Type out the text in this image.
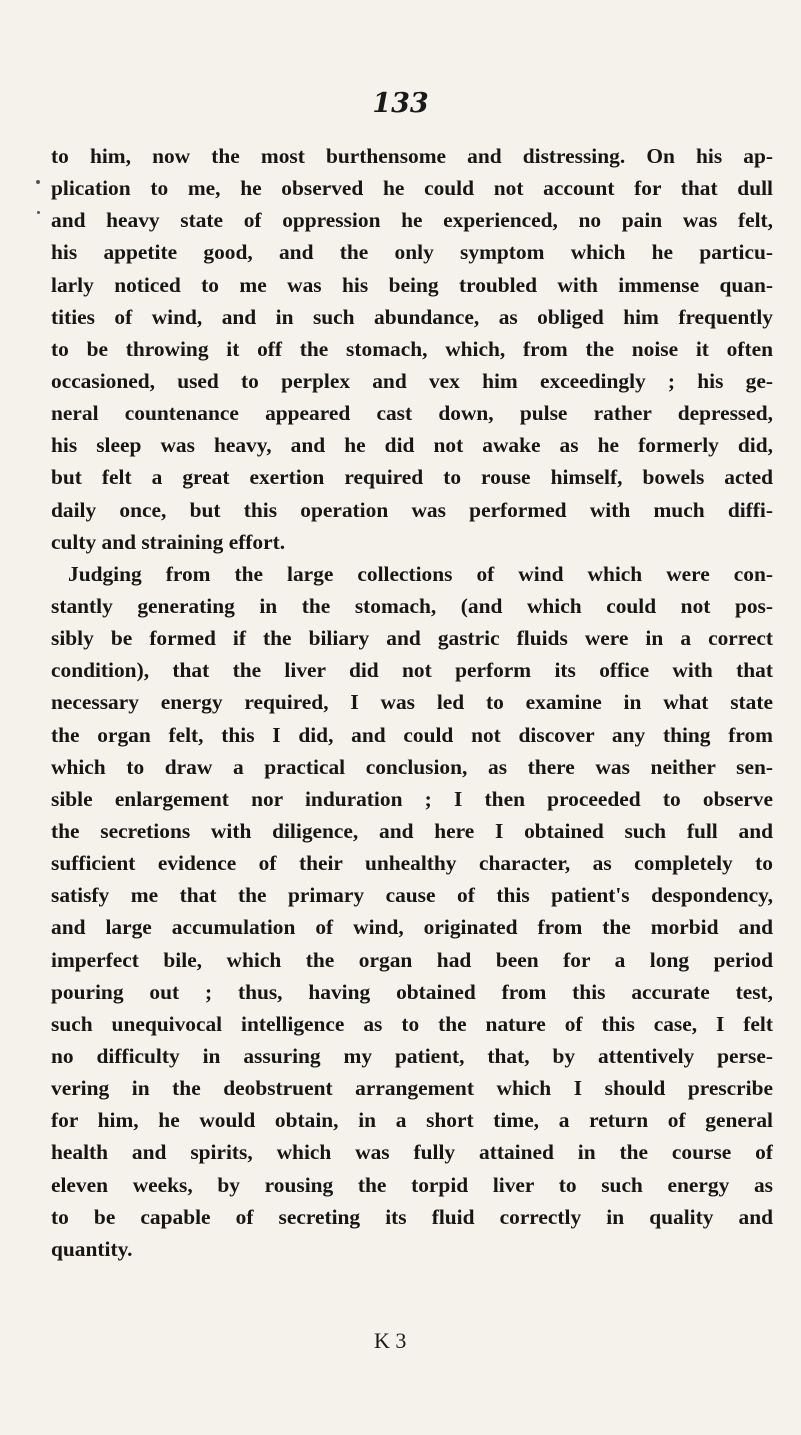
133
to him, now the most burthensome and distressing. On his ap-
plication to me, he observed he could not account for that dull
and heavy state of oppression he experienced, no pain was felt,
his appetite good, and the only symptom which he particu-
larly noticed to me was his being troubled with immense quan-
tities of wind, and in such abundance, as obliged him frequently
to be throwing it off the stomach, which, from the noise it often
occasioned, used to perplex and vex him exceedingly ; his ge-
neral countenance appeared cast down, pulse rather depressed,
his sleep was heavy, and he did not awake as he formerly did,
but felt a great exertion required to rouse himself, bowels acted
daily once, but this operation was performed with much diffi-
culty and straining effort.
Judging from the large collections of wind which were con-
stantly generating in the stomach, (and which could not pos-
sibly be formed if the biliary and gastric fluids were in a correct
condition), that the liver did not perform its office with that
necessary energy required, I was led to examine in what state
the organ felt, this I did, and could not discover any thing from
which to draw a practical conclusion, as there was neither sen-
sible enlargement nor induration ; I then proceeded to observe
the secretions with diligence, and here I obtained such full and
sufficient evidence of their unhealthy character, as completely to
satisfy me that the primary cause of this patient's despondency,
and large accumulation of wind, originated from the morbid and
imperfect bile, which the organ had been for a long period
pouring out ; thus, having obtained from this accurate test,
such unequivocal intelligence as to the nature of this case, I felt
no difficulty in assuring my patient, that, by attentively perse-
vering in the deobstruent arrangement which I should prescribe
for him, he would obtain, in a short time, a return of general
health and spirits, which was fully attained in the course of
eleven weeks, by rousing the torpid liver to such energy as
to be capable of secreting its fluid correctly in quality and
quantity.
K 3
